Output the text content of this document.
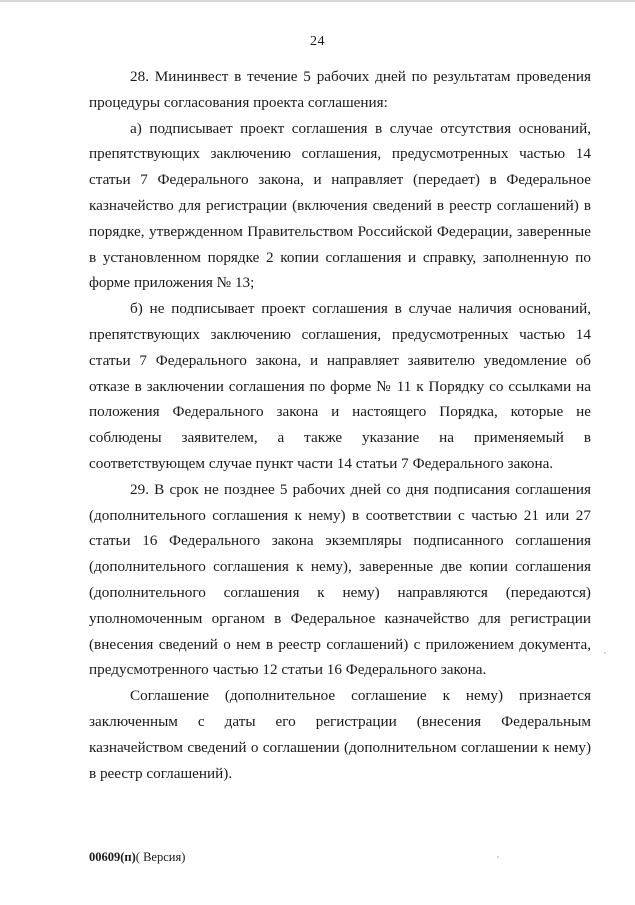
24

28. Мининвест в течение 5 рабочих дней по результатам проведения процедуры согласования проекта соглашения:

а) подписывает проект соглашения в случае отсутствия оснований, препятствующих заключению соглашения, предусмотренных частью 14 статьи 7 Федерального закона, и направляет (передает) в Федеральное казначейство для регистрации (включения сведений в реестр соглашений) в порядке, утвержденном Правительством Российской Федерации, заверенные в установленном порядке 2 копии соглашения и справку, заполненную по форме приложения № 13;

б) не подписывает проект соглашения в случае наличия оснований, препятствующих заключению соглашения, предусмотренных частью 14 статьи 7 Федерального закона, и направляет заявителю уведомление об отказе в заключении соглашения по форме № 11 к Порядку со ссылками на положения Федерального закона и настоящего Порядка, которые не соблюдены заявителем, а также указание на применяемый в соответствующем случае пункт части 14 статьи 7 Федерального закона.

29. В срок не позднее 5 рабочих дней со дня подписания соглашения (дополнительного соглашения к нему) в соответствии с частью 21 или 27 статьи 16 Федерального закона экземпляры подписанного соглашения (дополнительного соглашения к нему), заверенные две копии соглашения (дополнительного соглашения к нему) направляются (передаются) уполномоченным органом в Федеральное казначейство для регистрации (внесения сведений о нем в реестр соглашений) с приложением документа, предусмотренного частью 12 статьи 16 Федерального закона.

Соглашение (дополнительное соглашение к нему) признается заключенным с даты его регистрации (внесения Федеральным казначейством сведений о соглашении (дополнительном соглашении к нему) в реестр соглашений).

00609(п)( Версия)
